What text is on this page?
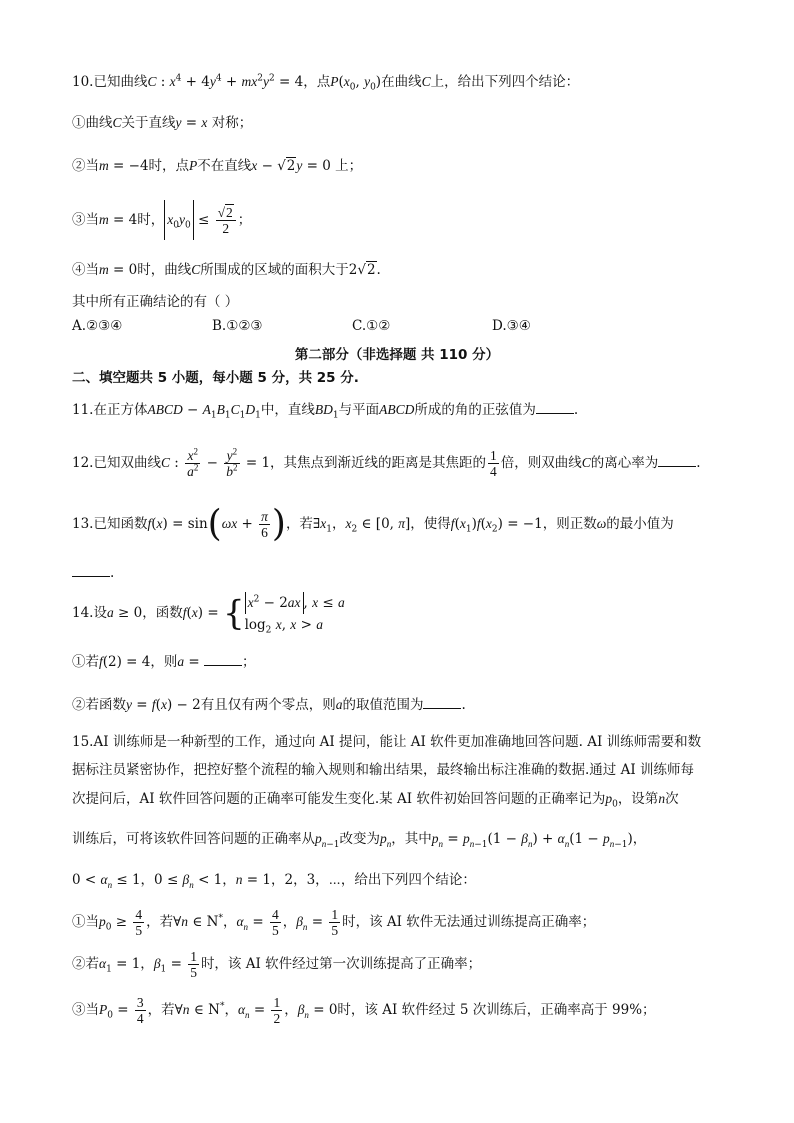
10.已知曲线C : $x^4 + 4y^4 + mx^2y^2 = 4$，点$P(x_0$, $y_0$)在曲线C上，给出下列四个结论：
①曲线C关于直线y = x 对称；
②当m = −4时，点P不在直线x − √2y = 0 上；
③当m = 4时， $x_0y_0 \le \frac{√2}{2}$ ；
④当m = 0时，曲线C所围成的区域的面积大于2√2.
其中所有正确结论的有（ ）
A.②③④	B.①②③	C.①②	D.③④
第二部分（非选择题 共 110 分）
二、填空题共 5 小题，每小题 5 分，共 25 分.
11.在正方体ABCD − $A_1B_1C_1D_1$中，直线$BD_1$与平面ABCD所成的角的正弦值为	.
12.已知双曲线C : $\frac{x^2}{a^2} - \frac{y^2}{b^2} = 1$，其焦点到渐近线的距离是其焦距的 $\frac{1}{4}$ 倍，则双曲线C的离心率为	.
13.已知函数$f(x) = \sin(\omega x + \frac{\pi}{6}$ )，若$\exists x_1$，$x_2$ ∈ [0, π]，使得$f(x_1)f(x_2) = -1$，则正数ω的最小值为
.
14.设a ≥ 0，函数f(x) = { $x^2 - 2ax$ , x ≤ a
$\log_2 x$, x > a
①若f(2) = 4，则a =	；
②若函数y = f(x) − 2有且仅有两个零点，则a的取值范围为	.
15.AI 训练师是一种新型的工作，通过向 AI 提问，能让 AI 软件更加准确地回答问题. AI 训练师需要和数
据标注员紧密协作，把控好整个流程的输入规则和输出结果，最终输出标注准确的数据.通过 AI 训练师每
次提问后，AI 软件回答问题的正确率可能发生变化.某 AI 软件初始回答问题的正确率记为$p_0$，设第n次
训练后，可将该软件回答问题的正确率从$p_{n-1}$改变为$p_n$，其中$p_n = p_{n-1}(1 - \beta_n) + \alpha_n(1 - p_{n-1})$，
$0 < \alpha_n \le 1$，$0 \le \beta_n < 1$，n = 1，2，3，⋯，给出下列四个结论：
①当$p_0 \ge \frac{4}{5}$ ，若∀n ∈ N*，$\alpha_n = \frac{4}{5}$ ，$\beta_n = \frac{1}{5}$ 时，该 AI 软件无法通过训练提高正确率；
②若$\alpha_1 = 1$，$\beta_1 = \frac{1}{5}$ 时，该 AI 软件经过第一次训练提高了正确率；
③当$P_0 = \frac{3}{4}$ ，若∀n ∈ N*，$\alpha_n = \frac{1}{2}$ ，$\beta_n = 0$时，该 AI 软件经过 5 次训练后，正确率高于 99%；
